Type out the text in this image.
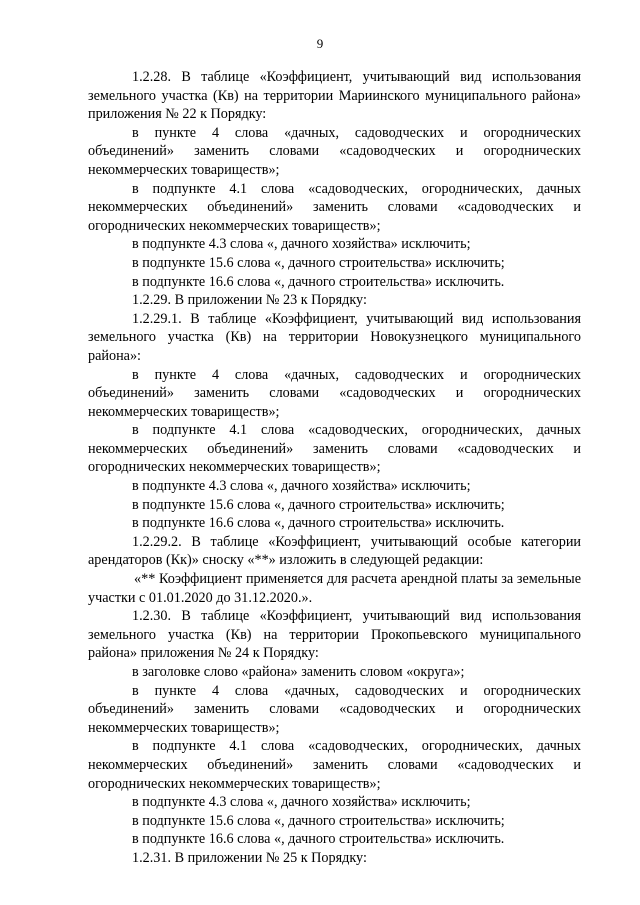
9

1.2.28. В таблице «Коэффициент, учитывающий вид использования земельного участка (Кв) на территории Мариинского муниципального района» приложения № 22 к Порядку:

в пункте 4 слова «дачных, садоводческих и огороднических объединений» заменить словами «садоводческих и огороднических некоммерческих товариществ»;

в подпункте 4.1 слова «садоводческих, огороднических, дачных некоммерческих объединений» заменить словами «садоводческих и огороднических некоммерческих товариществ»;

в подпункте 4.3 слова «, дачного хозяйства» исключить;

в подпункте 15.6 слова «, дачного строительства» исключить;

в подпункте 16.6 слова «, дачного строительства» исключить.

1.2.29. В приложении № 23 к Порядку:

1.2.29.1. В таблице «Коэффициент, учитывающий вид использования земельного участка (Кв) на территории Новокузнецкого муниципального района»:

в пункте 4 слова «дачных, садоводческих и огороднических объединений» заменить словами «садоводческих и огороднических некоммерческих товариществ»;

в подпункте 4.1 слова «садоводческих, огороднических, дачных некоммерческих объединений» заменить словами «садоводческих и огороднических некоммерческих товариществ»;

в подпункте 4.3 слова «, дачного хозяйства» исключить;

в подпункте 15.6 слова «, дачного строительства» исключить;

в подпункте 16.6 слова «, дачного строительства» исключить.

1.2.29.2. В таблице «Коэффициент, учитывающий особые категории арендаторов (Кк)» сноску «**» изложить в следующей редакции:

«** Коэффициент применяется для расчета арендной платы за земельные участки с 01.01.2020 до 31.12.2020.».

1.2.30. В таблице «Коэффициент, учитывающий вид использования земельного участка (Кв) на территории Прокопьевского муниципального района» приложения № 24 к Порядку:

в заголовке слово «района» заменить словом «округа»;

в пункте 4 слова «дачных, садоводческих и огороднических объединений» заменить словами «садоводческих и огороднических некоммерческих товариществ»;

в подпункте 4.1 слова «садоводческих, огороднических, дачных некоммерческих объединений» заменить словами «садоводческих и огороднических некоммерческих товариществ»;

в подпункте 4.3 слова «, дачного хозяйства» исключить;

в подпункте 15.6 слова «, дачного строительства» исключить;

в подпункте 16.6 слова «, дачного строительства» исключить.

1.2.31. В приложении № 25 к Порядку:
